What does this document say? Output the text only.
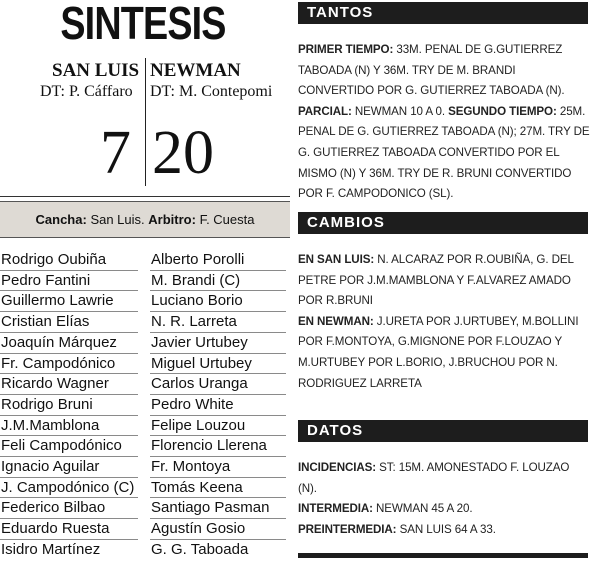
SINTESIS
SAN LUIS
DT: P. Cáffaro
NEWMAN
DT: M. Contepomi
7 20
Cancha: San Luis. Arbitro: F. Cuesta
Rodrigo Oubiña
Pedro Fantini
Guillermo Lawrie
Cristian Elías
Joaquín Márquez
Fr. Campodónico
Ricardo Wagner
Rodrigo Bruni
J.M.Mamblona
Feli Campodónico
Ignacio Aguilar
J. Campodónico (C)
Federico Bilbao
Eduardo Ruesta
Isidro Martínez
Alberto Porolli
M. Brandi (C)
Luciano Borio
N. R. Larreta
Javier Urtubey
Miguel Urtubey
Carlos Uranga
Pedro White
Felipe Louzou
Florencio Llerena
Fr. Montoya
Tomás Keena
Santiago Pasman
Agustín Gosio
G. G. Taboada
TANTOS
PRIMER TIEMPO: 33M. PENAL DE G.GUTIERREZ TABOADA (N) Y 36M. TRY DE M. BRANDI CONVERTIDO POR G. GUTIERREZ TABOADA (N). PARCIAL: NEWMAN 10 A 0. SEGUNDO TIEMPO: 25M. PENAL DE G. GUTIERREZ TABOADA (N); 27M. TRY DE G. GUTIERREZ TABOADA CONVERTIDO POR EL MISMO (N) Y 36M. TRY DE R. BRUNI CONVERTIDO POR F. CAMPODONICO (SL).
CAMBIOS

EN SAN LUIS: N. ALCARAZ POR R.OUBIÑA, G. DEL PETRE POR J.M.MAMBLONA Y F.ALVAREZ AMADO POR R.BRUNI

EN NEWMAN: J.URETA POR J.URTUBEY, M.BOLLINI POR F.MONTOYA, G.MIGNONE POR F.LOUZAO Y M.URTUBEY POR L.BORIO, J.BRUCHOU POR N. RODRIGUEZ LARRETA

DATOS

INCIDENCIAS: ST: 15M. AMONESTADO F. LOUZAO (N).

INTERMEDIA: NEWMAN 45 A 20.

PREINTERMEDIA: SAN LUIS 64 A 33.
